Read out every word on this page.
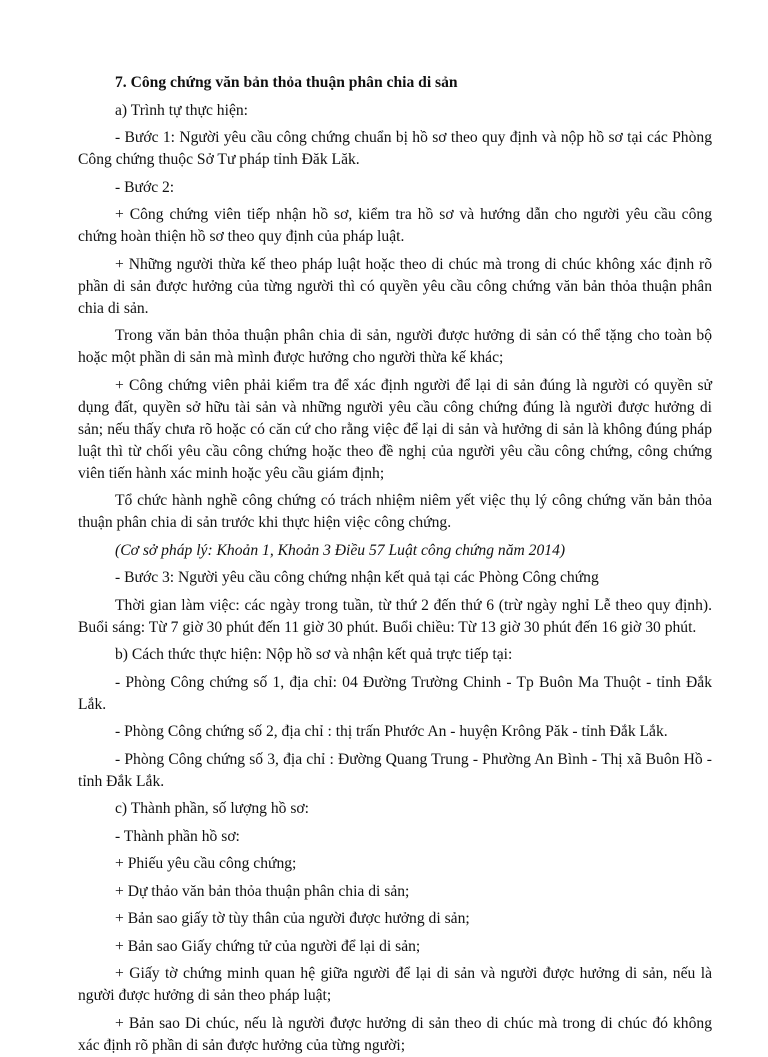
7. Công chứng văn bản thỏa thuận phân chia di sản

a) Trình tự thực hiện:

- Bước 1: Người yêu cầu công chứng chuẩn bị hồ sơ theo quy định và nộp hồ sơ tại các Phòng Công chứng thuộc Sở Tư pháp tỉnh Đăk Lăk.

- Bước 2:

+ Công chứng viên tiếp nhận hồ sơ, kiểm tra hồ sơ và hướng dẫn cho người yêu cầu công chứng hoàn thiện hồ sơ theo quy định của pháp luật.

+ Những người thừa kế theo pháp luật hoặc theo di chúc mà trong di chúc không xác định rõ phần di sản được hưởng của từng người thì có quyền yêu cầu công chứng văn bản thỏa thuận phân chia di sản.

Trong văn bản thỏa thuận phân chia di sản, người được hưởng di sản có thể tặng cho toàn bộ hoặc một phần di sản mà mình được hưởng cho người thừa kế khác;

+ Công chứng viên phải kiểm tra để xác định người để lại di sản đúng là người có quyền sử dụng đất, quyền sở hữu tài sản và những người yêu cầu công chứng đúng là người được hưởng di sản; nếu thấy chưa rõ hoặc có căn cứ cho rằng việc để lại di sản và hưởng di sản là không đúng pháp luật thì từ chối yêu cầu công chứng hoặc theo đề nghị của người yêu cầu công chứng, công chứng viên tiến hành xác minh hoặc yêu cầu giám định;

Tổ chức hành nghề công chứng có trách nhiệm niêm yết việc thụ lý công chứng văn bản thỏa thuận phân chia di sản trước khi thực hiện việc công chứng.

(Cơ sở pháp lý: Khoản 1, Khoản 3 Điều 57 Luật công chứng năm 2014)

- Bước 3: Người yêu cầu công chứng nhận kết quả tại các Phòng Công chứng

Thời gian làm việc: các ngày trong tuần, từ thứ 2 đến thứ 6 (trừ ngày nghỉ Lễ theo quy định). Buổi sáng: Từ 7 giờ 30 phút đến 11 giờ 30 phút. Buổi chiều: Từ 13 giờ 30 phút đến 16 giờ 30 phút.

b) Cách thức thực hiện: Nộp hồ sơ và nhận kết quả trực tiếp tại:

- Phòng Công chứng số 1, địa chỉ: 04 Đường Trường Chinh - Tp Buôn Ma Thuột - tỉnh Đắk Lắk.

- Phòng Công chứng số 2, địa chỉ : thị trấn Phước An - huyện Krông Păk - tỉnh Đắk Lắk.

- Phòng Công chứng số 3, địa chỉ : Đường Quang Trung - Phường An Bình - Thị xã Buôn Hồ - tỉnh Đắk Lắk.

c) Thành phần, số lượng hồ sơ:

- Thành phần hồ sơ:

+ Phiếu yêu cầu công chứng;

+ Dự thảo văn bản thỏa thuận phân chia di sản;

+ Bản sao giấy tờ tùy thân của người được hưởng di sản;

+ Bản sao Giấy chứng tử của người để lại di sản;

+ Giấy tờ chứng minh quan hệ giữa người để lại di sản và người được hưởng di sản, nếu là người được hưởng di sản theo pháp luật;

+ Bản sao Di chúc, nếu là người được hưởng di sản theo di chúc mà trong di chúc đó không xác định rõ phần di sản được hưởng của từng người;
